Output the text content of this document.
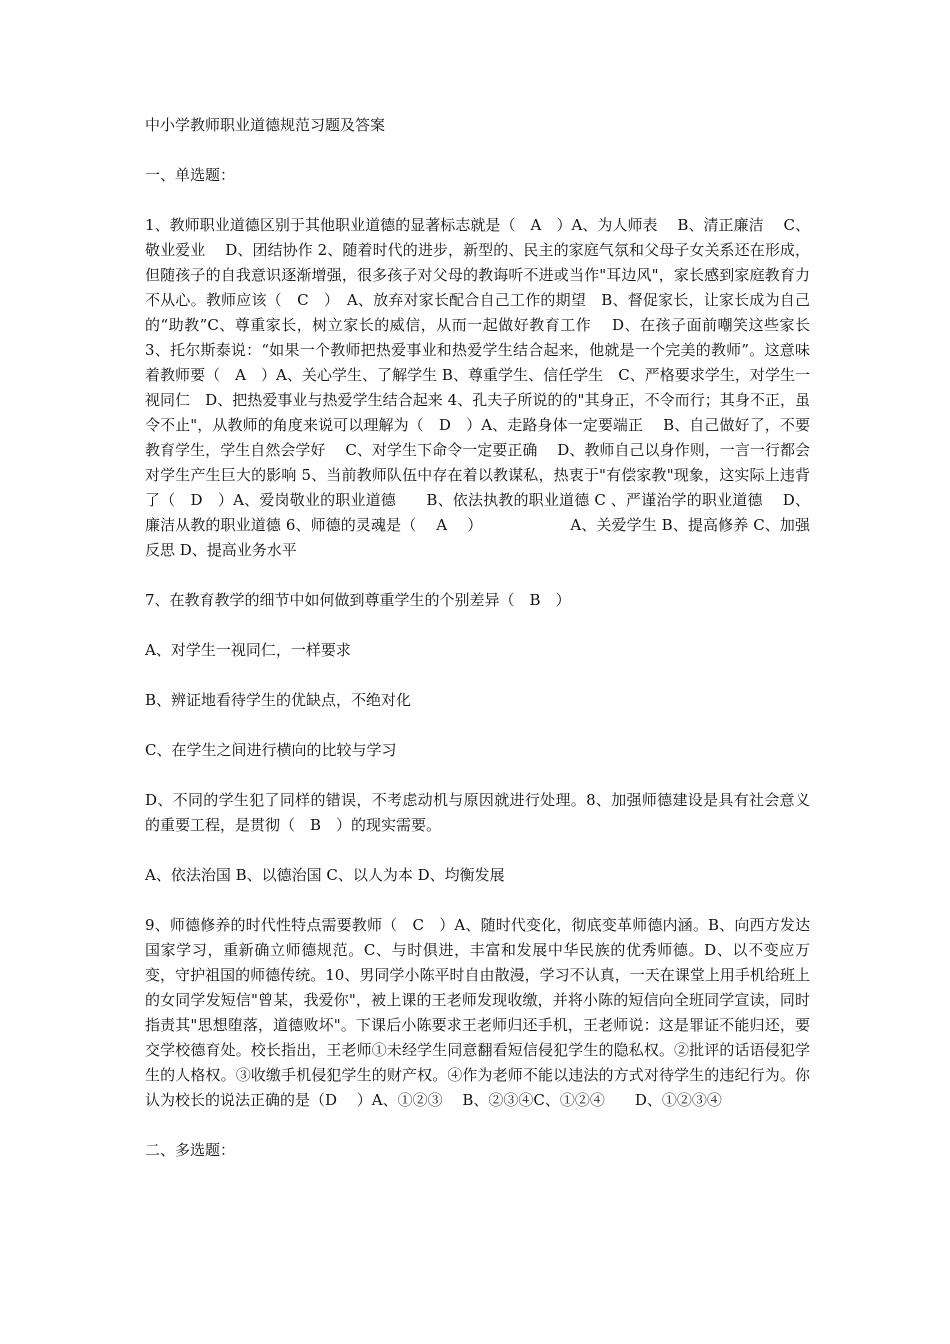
中小学教师职业道德规范习题及答案

一、单选题：

1、教师职业道德区别于其他职业道德的显著标志就是（　A　）A、为人师表　 B、清正廉洁　 C、敬业爱业　 D、团结协作 2、随着时代的进步，新型的、民主的家庭气氛和父母子女关系还在形成，但随孩子的自我意识逐渐增强，很多孩子对父母的教诲听不进或当作"耳边风"，家长感到家庭教育力不从心。教师应该（　C　）　A、放弃对家长配合自己工作的期望　B、督促家长，让家长成为自己的“助教”C、尊重家长，树立家长的威信，从而一起做好教育工作　 D、在孩子面前嘲笑这些家长 3、托尔斯泰说：“如果一个教师把热爱事业和热爱学生结合起来，他就是一个完美的教师”。这意味着教师要（　A　）A、关心学生、了解学生 B、尊重学生、信任学生　C、严格要求学生，对学生一视同仁　D、把热爱事业与热爱学生结合起来 4、孔夫子所说的的"其身正，不令而行；其身不正，虽令不止"，从教师的角度来说可以理解为（　D　）A、走路身体一定要端正　 B、自己做好了，不要教育学生，学生自然会学好　 C、对学生下命令一定要正确　 D、教师自己以身作则，一言一行都会对学生产生巨大的影响 5、当前教师队伍中存在着以教谋私，热衷于"有偿家教"现象，这实际上违背了（　D　）A、爱岗敬业的职业道德　　B、依法执教的职业道德 C 、严谨治学的职业道德　 D、廉洁从教的职业道德 6、师德的灵魂是（　 A　 ）　　　　　　 A、关爱学生 B、提高修养 C、加强反思 D、提高业务水平

7、在教育教学的细节中如何做到尊重学生的个别差异（　B　）

A、对学生一视同仁，一样要求

B、辨证地看待学生的优缺点，不绝对化

C、在学生之间进行横向的比较与学习

D、不同的学生犯了同样的错误，不考虑动机与原因就进行处理。8、加强师德建设是具有社会意义的重要工程，是贯彻（　B　）的现实需要。

A、依法治国 B、以德治国 C、以人为本 D、均衡发展

9、师德修养的时代性特点需要教师（　C　）A、随时代变化，彻底变革师德内涵。B、向西方发达国家学习，重新确立师德规范。C、与时俱进，丰富和发展中华民族的优秀师德。D、以不变应万变，守护祖国的师德传统。10、男同学小陈平时自由散漫，学习不认真，一天在课堂上用手机给班上的女同学发短信"曾某，我爱你"，被上课的王老师发现收缴，并将小陈的短信向全班同学宣读，同时指责其"思想堕落，道德败坏"。下课后小陈要求王老师归还手机，王老师说：这是罪证不能归还，要交学校德育处。校长指出，王老师①未经学生同意翻看短信侵犯学生的隐私权。②批评的话语侵犯学生的人格权。③收缴手机侵犯学生的财产权。④作为老师不能以违法的方式对待学生的违纪行为。你认为校长的说法正确的是（D　 ）A、①②③　 B、②③④C、①②④　　D、①②③④

二、多选题：
